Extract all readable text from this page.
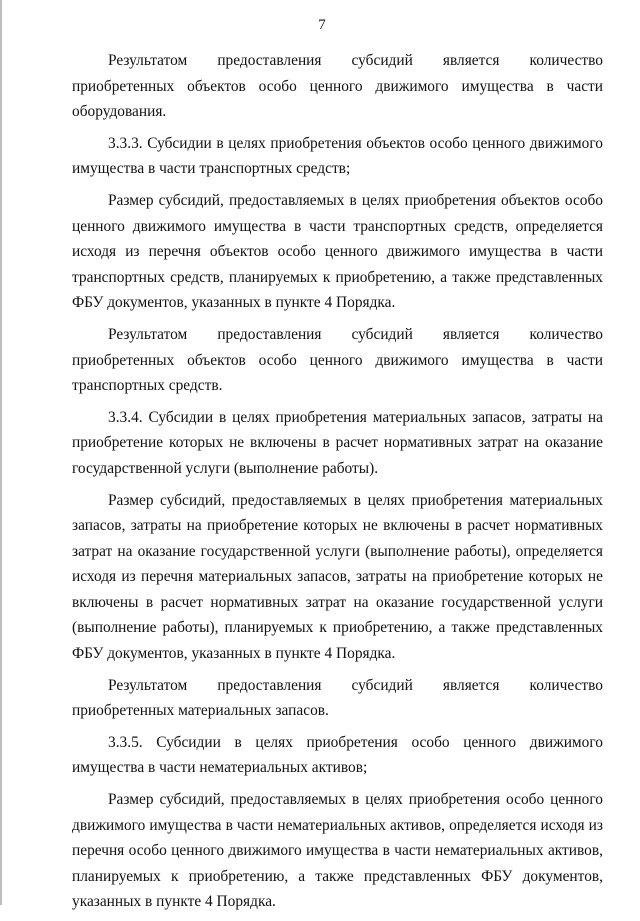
7

Результатом предоставления субсидий является количество приобретенных объектов особо ценного движимого имущества в части оборудования.

3.3.3. Субсидии в целях приобретения объектов особо ценного движимого имущества в части транспортных средств;

Размер субсидий, предоставляемых в целях приобретения объектов особо ценного движимого имущества в части транспортных средств, определяется исходя из перечня объектов особо ценного движимого имущества в части транспортных средств, планируемых к приобретению, а также представленных ФБУ документов, указанных в пункте 4 Порядка.

Результатом предоставления субсидий является количество приобретенных объектов особо ценного движимого имущества в части транспортных средств.

3.3.4. Субсидии в целях приобретения материальных запасов, затраты на приобретение которых не включены в расчет нормативных затрат на оказание государственной услуги (выполнение работы).

Размер субсидий, предоставляемых в целях приобретения материальных запасов, затраты на приобретение которых не включены в расчет нормативных затрат на оказание государственной услуги (выполнение работы), определяется исходя из перечня материальных запасов, затраты на приобретение которых не включены в расчет нормативных затрат на оказание государственной услуги (выполнение работы), планируемых к приобретению, а также представленных ФБУ документов, указанных в пункте 4 Порядка.

Результатом предоставления субсидий является количество приобретенных материальных запасов.

3.3.5. Субсидии в целях приобретения особо ценного движимого имущества в части нематериальных активов;

Размер субсидий, предоставляемых в целях приобретения особо ценного движимого имущества в части нематериальных активов, определяется исходя из перечня особо ценного движимого имущества в части нематериальных активов, планируемых к приобретению, а также представленных ФБУ документов, указанных в пункте 4 Порядка.
